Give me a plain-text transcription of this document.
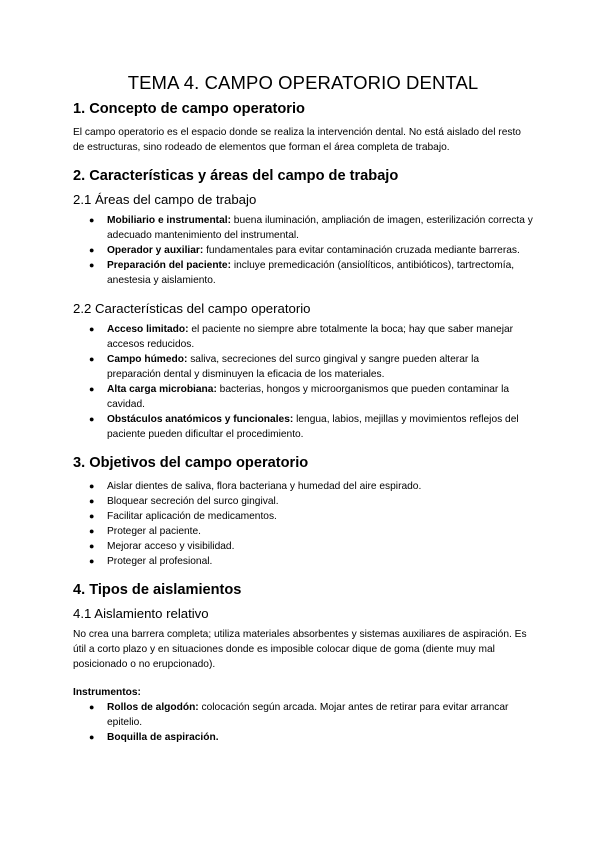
TEMA 4. CAMPO OPERATORIO DENTAL
1. Concepto de campo operatorio

El campo operatorio es el espacio donde se realiza la intervención dental. No está aislado del resto de estructuras, sino rodeado de elementos que forman el área completa de trabajo.

2. Características y áreas del campo de trabajo
2.1 Áreas del campo de trabajo
● Mobiliario e instrumental: buena iluminación, ampliación de imagen, esterilización correcta y adecuado mantenimiento del instrumental.
● Operador y auxiliar: fundamentales para evitar contaminación cruzada mediante barreras.
● Preparación del paciente: incluye premedicación (ansiolíticos, antibióticos), tartrectomía, anestesia y aislamiento.
2.2 Características del campo operatorio
● Acceso limitado: el paciente no siempre abre totalmente la boca; hay que saber manejar accesos reducidos.
● Campo húmedo: saliva, secreciones del surco gingival y sangre pueden alterar la preparación dental y disminuyen la eficacia de los materiales.
● Alta carga microbiana: bacterias, hongos y microorganismos que pueden contaminar la cavidad.
● Obstáculos anatómicos y funcionales: lengua, labios, mejillas y movimientos reflejos del paciente pueden dificultar el procedimiento.
3. Objetivos del campo operatorio
● Aislar dientes de saliva, flora bacteriana y humedad del aire espirado.
● Bloquear secreción del surco gingival.
● Facilitar aplicación de medicamentos.
● Proteger al paciente.
● Mejorar acceso y visibilidad.
● Proteger al profesional.
4. Tipos de aislamientos
4.1 Aislamiento relativo

No crea una barrera completa; utiliza materiales absorbentes y sistemas auxiliares de aspiración. Es útil a corto plazo y en situaciones donde es imposible colocar dique de goma (diente muy mal posicionado o no erupcionado).

Instrumentos:

● Rollos de algodón: colocación según arcada. Mojar antes de retirar para evitar arrancar epitelio.
● Boquilla de aspiración.
